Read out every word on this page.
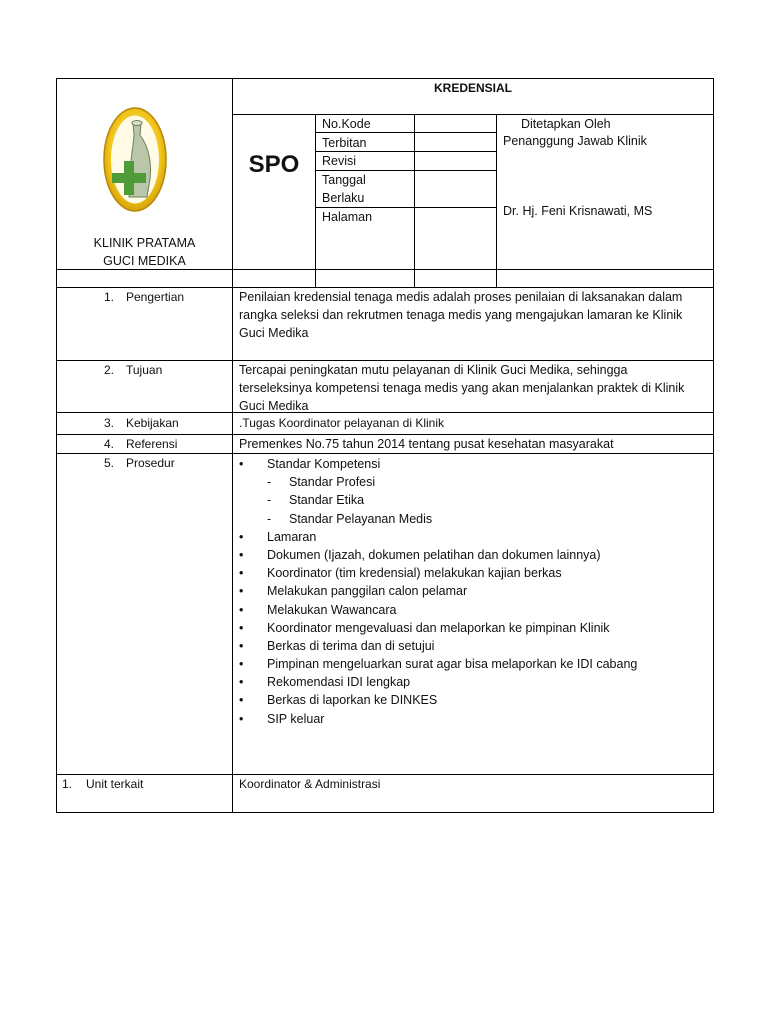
KREDENSIAL
SPO
KLINIK PRATAMA
GUCI MEDIKA
No.Kode
Terbitan
Revisi
Tanggal Berlaku
Halaman
Ditetapkan Oleh
Penanggung Jawab Klinik
Dr. Hj. Feni Krisnawati, MS
1. Pengertian
2. Tujuan
3. Kebijakan
4. Referensi
5. Prosedur
1. Unit terkait
Penilaian kredensial tenaga medis adalah proses penilaian di laksanakan dalam rangka seleksi dan rekrutmen tenaga medis yang mengajukan lamaran ke Klinik Guci Medika
Tercapai peningkatan mutu pelayanan di Klinik Guci Medika, sehingga terseleksinya kompetensi tenaga medis yang akan menjalankan praktek di Klinik Guci Medika
.Tugas Koordinator pelayanan di Klinik
Premenkes No.75 tahun 2014 tentang pusat kesehatan masyarakat
Koordinator & Administrasi
• Standar Kompetensi
- Standar Profesi
- Standar Etika
- Standar Pelayanan Medis
• Lamaran
• Dokumen (Ijazah, dokumen pelatihan dan dokumen lainnya)
• Koordinator (tim kredensial) melakukan kajian berkas
• Melakukan panggilan calon pelamar
• Melakukan Wawancara
• Koordinator mengevaluasi dan melaporkan ke pimpinan Klinik
• Berkas di terima dan di setujui
• Pimpinan mengeluarkan surat agar bisa melaporkan ke IDI cabang
• Rekomendasi IDI lengkap
• Berkas di laporkan ke DINKES
• SIP keluar
